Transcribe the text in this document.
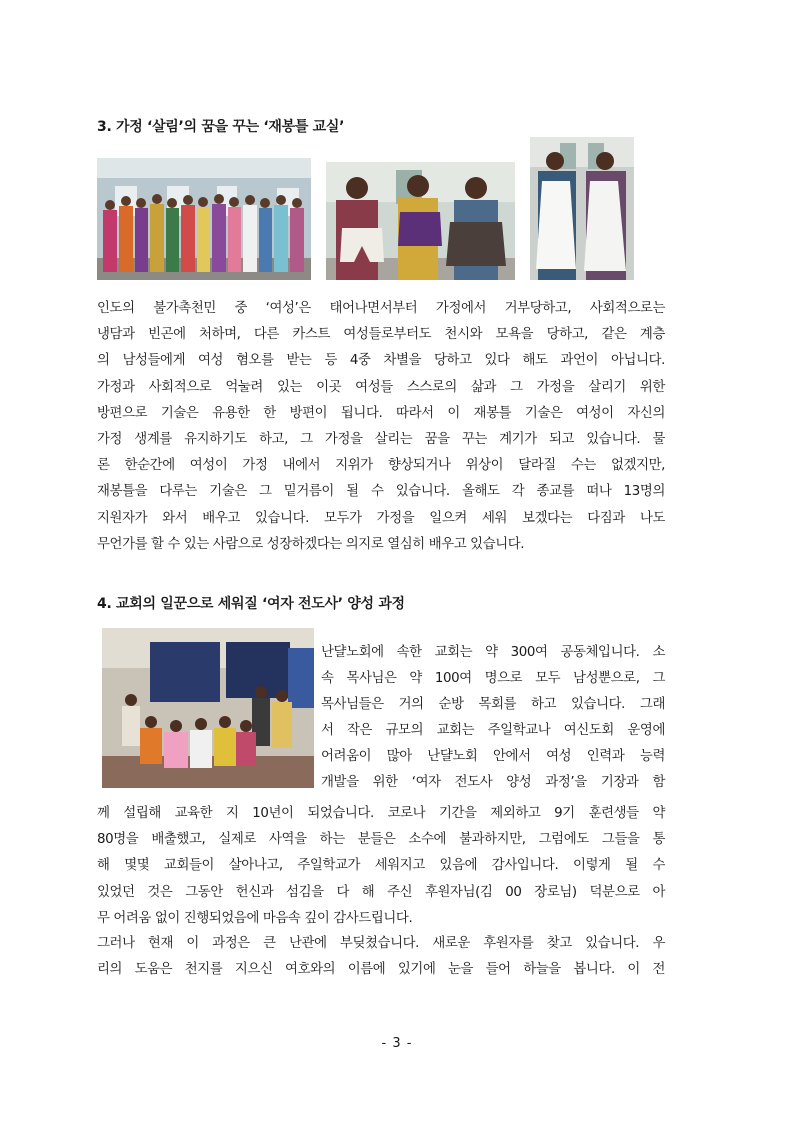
3. 가정 ‘살림’의 꿈을 꾸는 ‘재봉틀 교실’
인도의 불가촉천민 중 ‘여성’은 태어나면서부터 가정에서 거부당하고, 사회적으로는
냉담과 빈곤에 처하며, 다른 카스트 여성들로부터도 천시와 모욕을 당하고, 같은 계층
의 남성들에게 여성 혐오를 받는 등 4중 차별을 당하고 있다 해도 과언이 아닙니다.
가정과 사회적으로 억눌려 있는 이곳 여성들 스스로의 삶과 그 가정을 살리기 위한
방편으로 기술은 유용한 한 방편이 됩니다. 따라서 이 재봉틀 기술은 여성이 자신의
가정 생계를 유지하기도 하고, 그 가정을 살리는 꿈을 꾸는 계기가 되고 있습니다. 물
론 한순간에 여성이 가정 내에서 지위가 향상되거나 위상이 달라질 수는 없겠지만,
재봉틀을 다루는 기술은 그 밑거름이 될 수 있습니다. 올해도 각 종교를 떠나 13명의
지원자가 와서 배우고 있습니다. 모두가 가정을 일으켜 세워 보겠다는 다짐과 나도
무언가를 할 수 있는 사람으로 성장하겠다는 의지로 열심히 배우고 있습니다.
4. 교회의 일꾼으로 세워질 ‘여자 전도사’ 양성 과정
난댤노회에 속한 교회는 약 300여 공동체입니다. 소
속 목사님은 약 100여 명으로 모두 남성뿐으로, 그
목사님들은 거의 순방 목회를 하고 있습니다. 그래
서 작은 규모의 교회는 주일학교나 여신도회 운영에
어려움이 많아 난댤노회 안에서 여성 인력과 능력
개발을 위한 ‘여자 전도사 양성 과정’을 기장과 함
께 설립해 교육한 지 10년이 되었습니다. 코로나 기간을 제외하고 9기 훈련생들 약
80명을 배출했고, 실제로 사역을 하는 분들은 소수에 불과하지만, 그럼에도 그들을 통
해 몇몇 교회들이 살아나고, 주일학교가 세워지고 있음에 감사입니다. 이렇게 될 수
있었던 것은 그동안 헌신과 섬김을 다 해 주신 후원자님(김 00 장로님) 덕분으로 아
무 어려움 없이 진행되었음에 마음속 깊이 감사드립니다.
그러나 현재 이 과정은 큰 난관에 부딪쳤습니다. 새로운 후원자를 찾고 있습니다. 우
리의 도움은 천지를 지으신 여호와의 이름에 있기에 눈을 들어 하늘을 봅니다. 이 전
- 3 -
